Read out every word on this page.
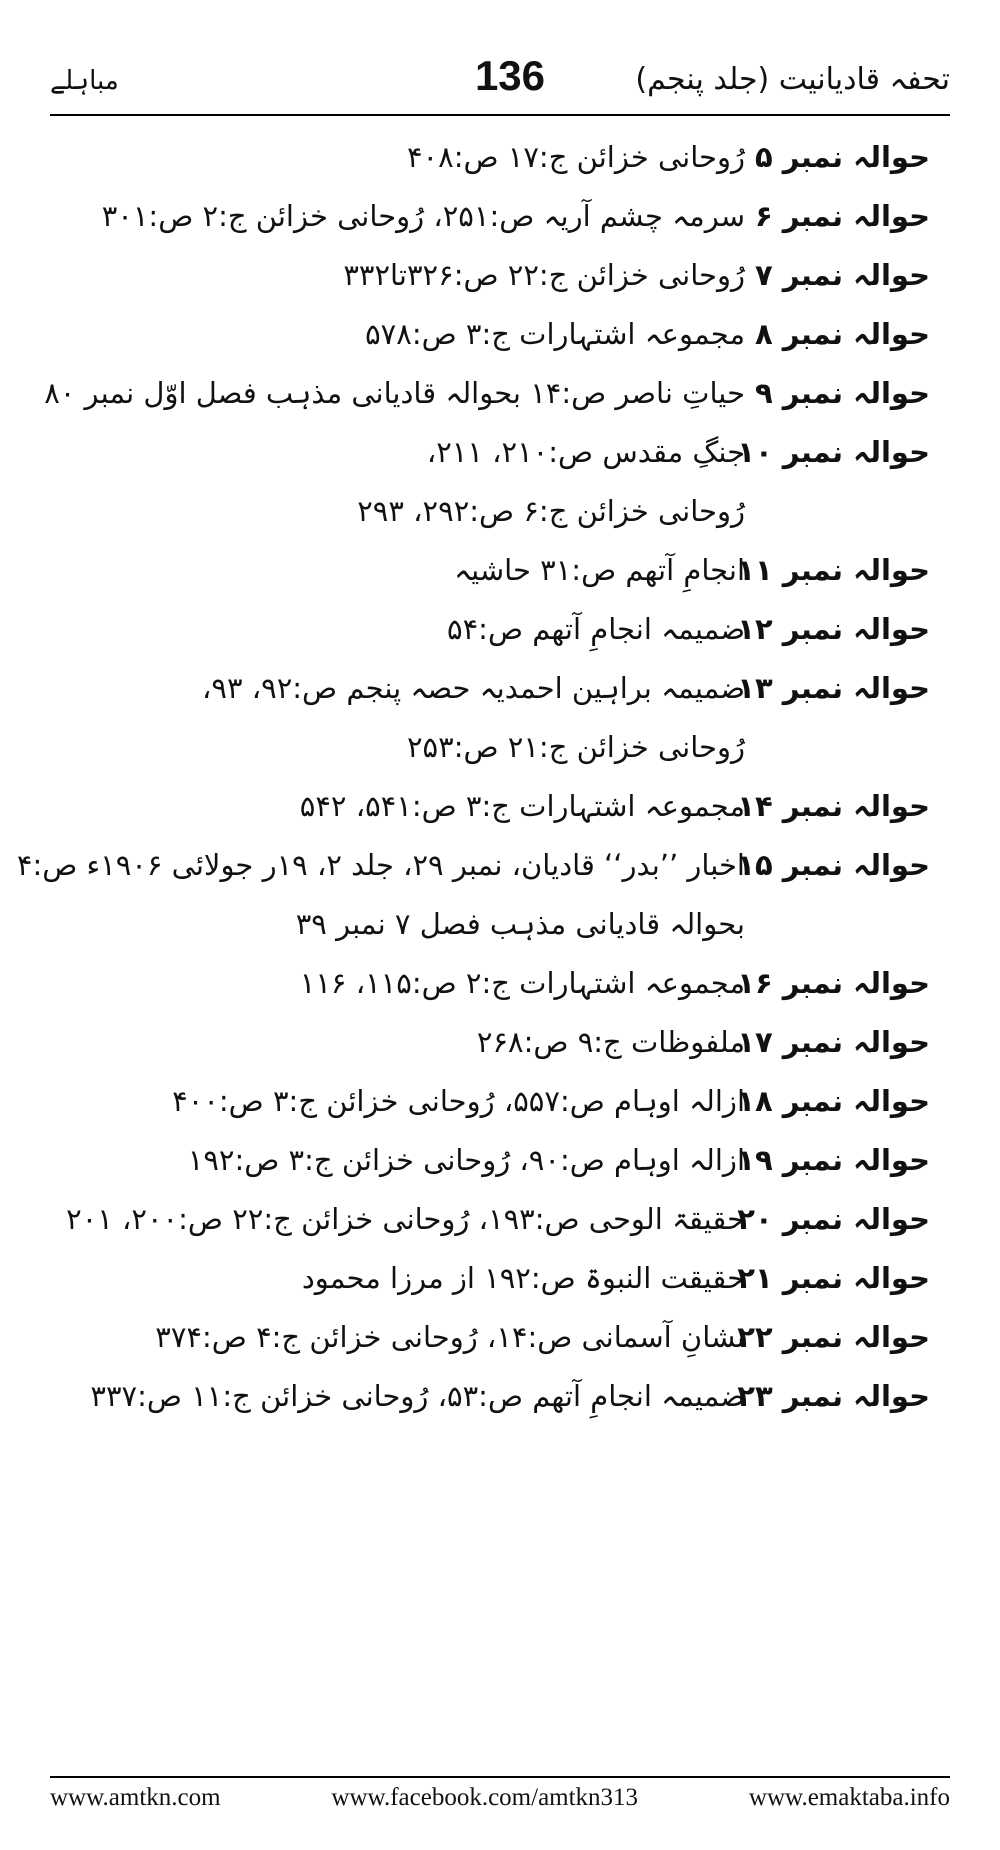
تحفہ قادیانیت (جلد پنجم)
136
مباہلے
حوالہ نمبر ۵
رُوحانی خزائن ج:۱۷ ص:۴۰۸
حوالہ نمبر ۶
سرمہ چشم آریہ ص:۲۵۱، رُوحانی خزائن ج:۲ ص:۳۰۱
حوالہ نمبر ۷
رُوحانی خزائن ج:۲۲ ص:۳۲۶تا۳۳۲
حوالہ نمبر ۸
مجموعہ اشتہارات ج:۳ ص:۵۷۸
حوالہ نمبر ۹
حیاتِ ناصر ص:۱۴ بحوالہ قادیانی مذہب فصل اوّل نمبر ۸۰
حوالہ نمبر ۱۰
جنگِ مقدس ص:۲۱۰، ۲۱۱،
رُوحانی خزائن ج:۶ ص:۲۹۲، ۲۹۳
حوالہ نمبر ۱۱
انجامِ آتھم ص:۳۱ حاشیہ
حوالہ نمبر ۱۲
ضمیمہ انجامِ آتھم ص:۵۴
حوالہ نمبر ۱۳
ضمیمہ براہین احمدیہ حصہ پنجم ص:۹۲، ۹۳،
رُوحانی خزائن ج:۲۱ ص:۲۵۳
حوالہ نمبر ۱۴
مجموعہ اشتہارات ج:۳ ص:۵۴۱، ۵۴۲
حوالہ نمبر ۱۵
اخبار ’’بدر‘‘ قادیان، نمبر ۲۹، جلد ۲، ۱۹ر جولائی ۱۹۰۶ء ص:۴
بحوالہ قادیانی مذہب فصل ۷ نمبر ۳۹
حوالہ نمبر ۱۶
مجموعہ اشتہارات ج:۲ ص:۱۱۵، ۱۱۶
حوالہ نمبر ۱۷
ملفوظات ج:۹ ص:۲۶۸
حوالہ نمبر ۱۸
ازالہ اوہام ص:۵۵۷، رُوحانی خزائن ج:۳ ص:۴۰۰
حوالہ نمبر ۱۹
ازالہ اوہام ص:۹۰، رُوحانی خزائن ج:۳ ص:۱۹۲
حوالہ نمبر ۲۰
حقیقۃ الوحی ص:۱۹۳، رُوحانی خزائن ج:۲۲ ص:۲۰۰، ۲۰۱
حوالہ نمبر ۲۱
حقیقت النبوۃ ص:۱۹۲ از مرزا محمود
حوالہ نمبر ۲۲
نشانِ آسمانی ص:۱۴، رُوحانی خزائن ج:۴ ص:۳۷۴
حوالہ نمبر ۲۳
ضمیمہ انجامِ آتھم ص:۵۳، رُوحانی خزائن ج:۱۱ ص:۳۳۷
www.amtkn.com	www.facebook.com/amtkn313	www.emaktaba.info
